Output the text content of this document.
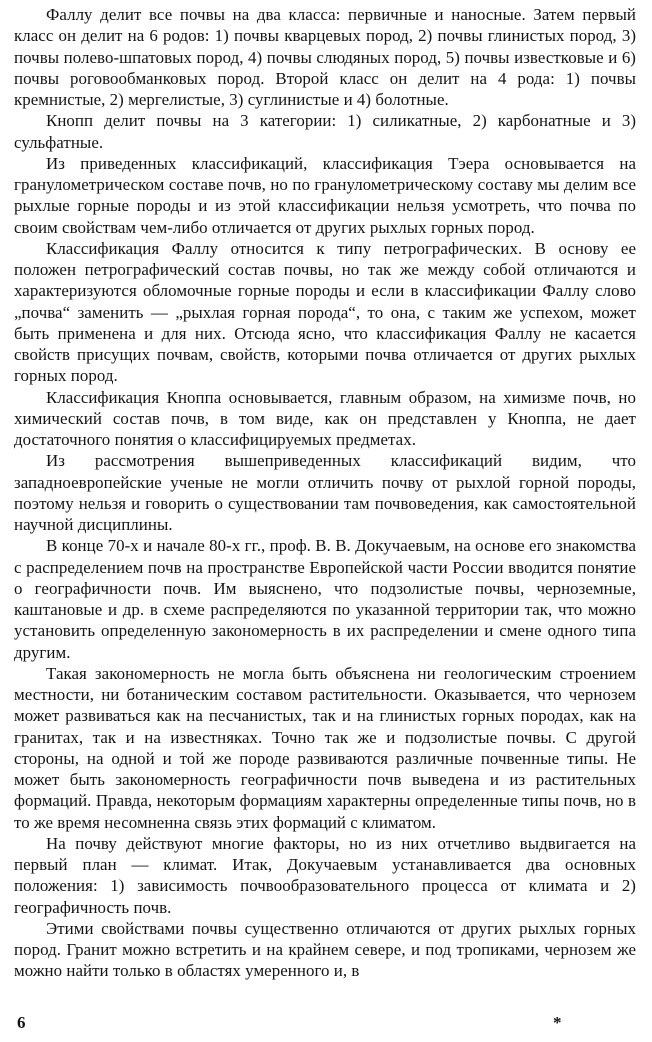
Фаллу делит все почвы на два класса: первичные и наносные. Затем первый класс он делит на 6 родов: 1) почвы кварцевых пород, 2) почвы глинистых пород, 3) почвы полево-шпатовых пород, 4) почвы слюдяных пород, 5) почвы известковые и 6) почвы роговообманковых пород. Второй класс он делит на 4 рода: 1) почвы кремнистые, 2) мергелистые, 3) суглинистые и 4) болотные.

Кнопп делит почвы на 3 категории: 1) силикатные, 2) карбонатные и 3) сульфатные.

Из приведенных классификаций, классификация Тэера основывается на гранулометрическом составе почв, но по гранулометрическому составу мы делим все рыхлые горные породы и из этой классификации нельзя усмотреть, что почва по своим свойствам чем-либо отличается от других рыхлых горных пород.

Классификация Фаллу относится к типу петрографических. В основу ее положен петрографический состав почвы, но так же между собой отличаются и характеризуются обломочные горные породы и если в классификации Фаллу слово „почва“ заменить — „рыхлая горная порода“, то она, с таким же успехом, может быть применена и для них. Отсюда ясно, что классификация Фаллу не касается свойств присущих почвам, свойств, которыми почва отличается от других рыхлых горных пород.

Классификация Кноппа основывается, главным образом, на химизме почв, но химический состав почв, в том виде, как он представлен у Кноппа, не дает достаточного понятия о классифицируемых предметах.

Из рассмотрения вышеприведенных классификаций видим, что западноевропейские ученые не могли отличить почву от рыхлой горной породы, поэтому нельзя и говорить о существовании там почвоведения, как самостоятельной научной дисциплины.

В конце 70-х и начале 80-х гг., проф. В. В. Докучаевым, на основе его знакомства с распределением почв на пространстве Европейской части России вводится понятие о географичности почв. Им выяснено, что подзолистые почвы, черноземные, каштановые и др. в схеме распределяются по указанной территории так, что можно установить определенную закономерность в их распределении и смене одного типа другим.

Такая закономерность не могла быть объяснена ни геологическим строением местности, ни ботаническим составом растительности. Оказывается, что чернозем может развиваться как на песчанистых, так и на глинистых горных породах, как на гранитах, так и на известняках. Точно так же и подзолистые почвы. С другой стороны, на одной и той же породе развиваются различные почвенные типы. Не может быть закономерность географичности почв выведена и из растительных формаций. Правда, некоторым формациям характерны определенные типы почв, но в то же время несомненна связь этих формаций с климатом.

На почву действуют многие факторы, но из них отчетливо выдвигается на первый план — климат. Итак, Докучаевым устанавливается два основных положения: 1) зависимость почвообразовательного процесса от климата и 2) географичность почв.

Этими свойствами почвы существенно отличаются от других рыхлых горных пород. Гранит можно встретить и на крайнем севере, и под тропиками, чернозем же можно найти только в областях умеренного и, в

6	*
